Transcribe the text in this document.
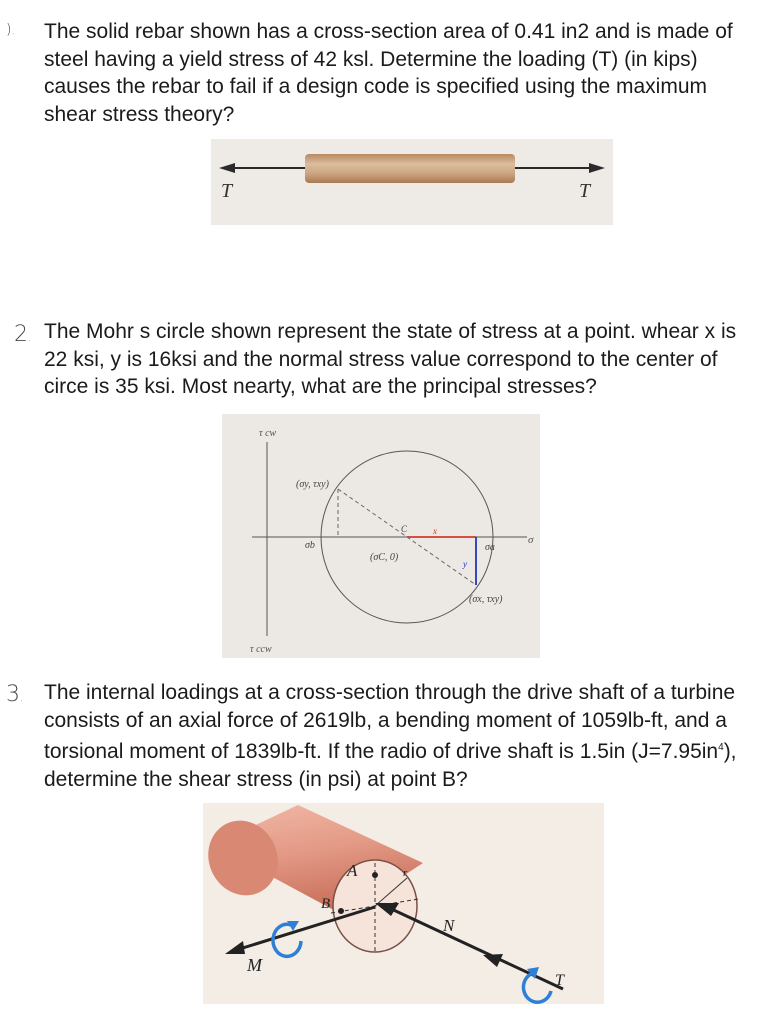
). The solid rebar shown has a cross-section area of 0.41 in2 and is made of steel having a yield stress of 42 ksl. Determine the loading (T) (in kips) causes the rebar to fail if a design code is specified using the maximum shear stress theory?

T	T
2. The Mohr s circle shown represent the state of stress at a point. whear x is 22 ksi, y is 16ksi and the normal stress value correspond to the center of circe is 35 ksi. Most nearty, what are the principal stresses?

τ cw
τ ccw
σ
(σy, τxy)
σb
(σC, 0)
C
σa
x
y
(σx, τxy)
3. The internal loadings at a cross-section through the drive shaft of a turbine consists of an axial force of 2619lb, a bending moment of 1059lb-ft, and a torsional moment of 1839lb-ft. If the radio of drive shaft is 1.5in $(J=7.95in^4)$, determine the shear stress (in psi) at point B?

A
B
r
N
M
T
